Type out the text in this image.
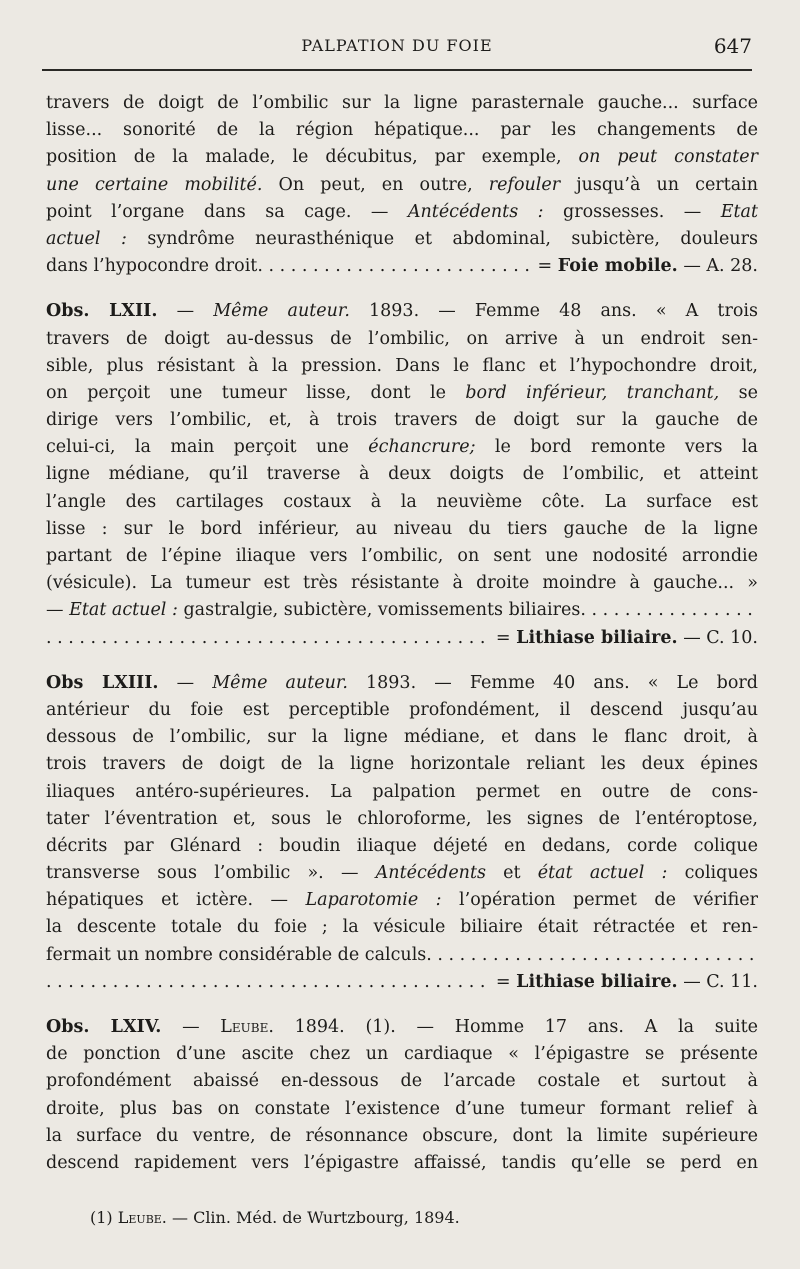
PALPATION DU FOIE	647
travers de doigt de l’ombilic sur la ligne parasternale gauche... surface
lisse... sonorité de la région hépatique... par les changements de
position de la malade, le décubitus, par exemple, on peut constater
une certaine mobilité. On peut, en outre, refouler jusqu’à un certain
point l’organe dans sa cage. — Antécédents : grossesses. — Etat
actuel : syndrôme neurasthénique et abdominal, subictère, douleurs
dans l’hypocondre droit
. . .	= Foie mobile. — A. 28.
Obs. LXII. — Même auteur. 1893. — Femme 48 ans. « A trois
travers de doigt au-dessus de l’ombilic, on arrive à un endroit sen-
sible, plus résistant à la pression. Dans le flanc et l’hypochondre droit,
on perçoit une tumeur lisse, dont le bord inférieur, tranchant, se
dirige vers l’ombilic, et, à trois travers de doigt sur la gauche de
celui-ci, la main perçoit une échancrure; le bord remonte vers la
ligne médiane, qu’il traverse à deux doigts de l’ombilic, et atteint
l’angle des cartilages costaux à la neuvième côte. La surface est
lisse : sur le bord inférieur, au niveau du tiers gauche de la ligne
partant de l’épine iliaque vers l’ombilic, on sent une nodosité arrondie
(vésicule). La tumeur est très résistante à droite moindre à gauche... »
— Etat actuel : gastralgie, subictère, vomissements biliaires
. . .
. . .
= Lithiase biliaire. — C. 10.
Obs LXIII. — Même auteur. 1893. — Femme 40 ans. « Le bord
antérieur du foie est perceptible profondément, il descend jusqu’au
dessous de l’ombilic, sur la ligne médiane, et dans le flanc droit, à
trois travers de doigt de la ligne horizontale reliant les deux épines
iliaques antéro-supérieures. La palpation permet en outre de cons-
tater l’éventration et, sous le chloroforme, les signes de l’entéroptose,
décrits par Glénard : boudin iliaque déjeté en dedans, corde colique
transverse sous l’ombilic ». — Antécédents et état actuel : coliques
hépatiques et ictère. — Laparotomie : l’opération permet de vérifier
la descente totale du foie ; la vésicule biliaire était rétractée et ren-
fermait un nombre considérable de calculs
. . .
. . .
= Lithiase biliaire. — C. 11.
Obs. LXIV. — Leube. 1894. (1). — Homme 17 ans. A la suite
de ponction d’une ascite chez un cardiaque « l’épigastre se présente
profondément abaissé en-dessous de l’arcade costale et surtout à
droite, plus bas on constate l’existence d’une tumeur formant relief à
la surface du ventre, de résonnance obscure, dont la limite supérieure
descend rapidement vers l’épigastre affaissé, tandis qu’elle se perd en
(1) Leube. — Clin. Méd. de Wurtzbourg, 1894.
